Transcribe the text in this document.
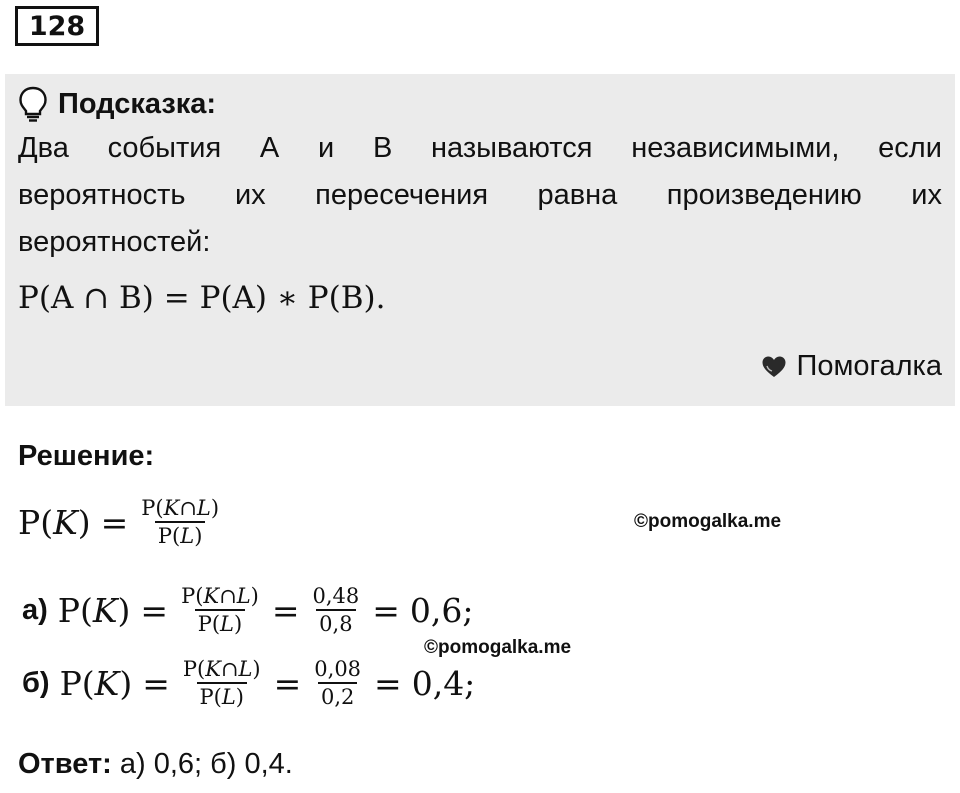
128
Подсказка:
Два события А и В называются независимыми, если
вероятность их пересечения равна произведению их
вероятностей:
P(A ∩ B) = P(A) ∗ P(B).
Помогалка
Решение:
$P(K) = \frac{P(K\cap L)}{P(L)}$	©pomogalka.me
а) $P(K) = \frac{P(K\cap L)}{P(L)} = \frac{0,48}{0,8} = 0,6$;
©pomogalka.me
б) $P(K) = \frac{P(K\cap L)}{P(L)} = \frac{0,08}{0,2} = 0,4$;
Ответ: а) 0,6; б) 0,4.
